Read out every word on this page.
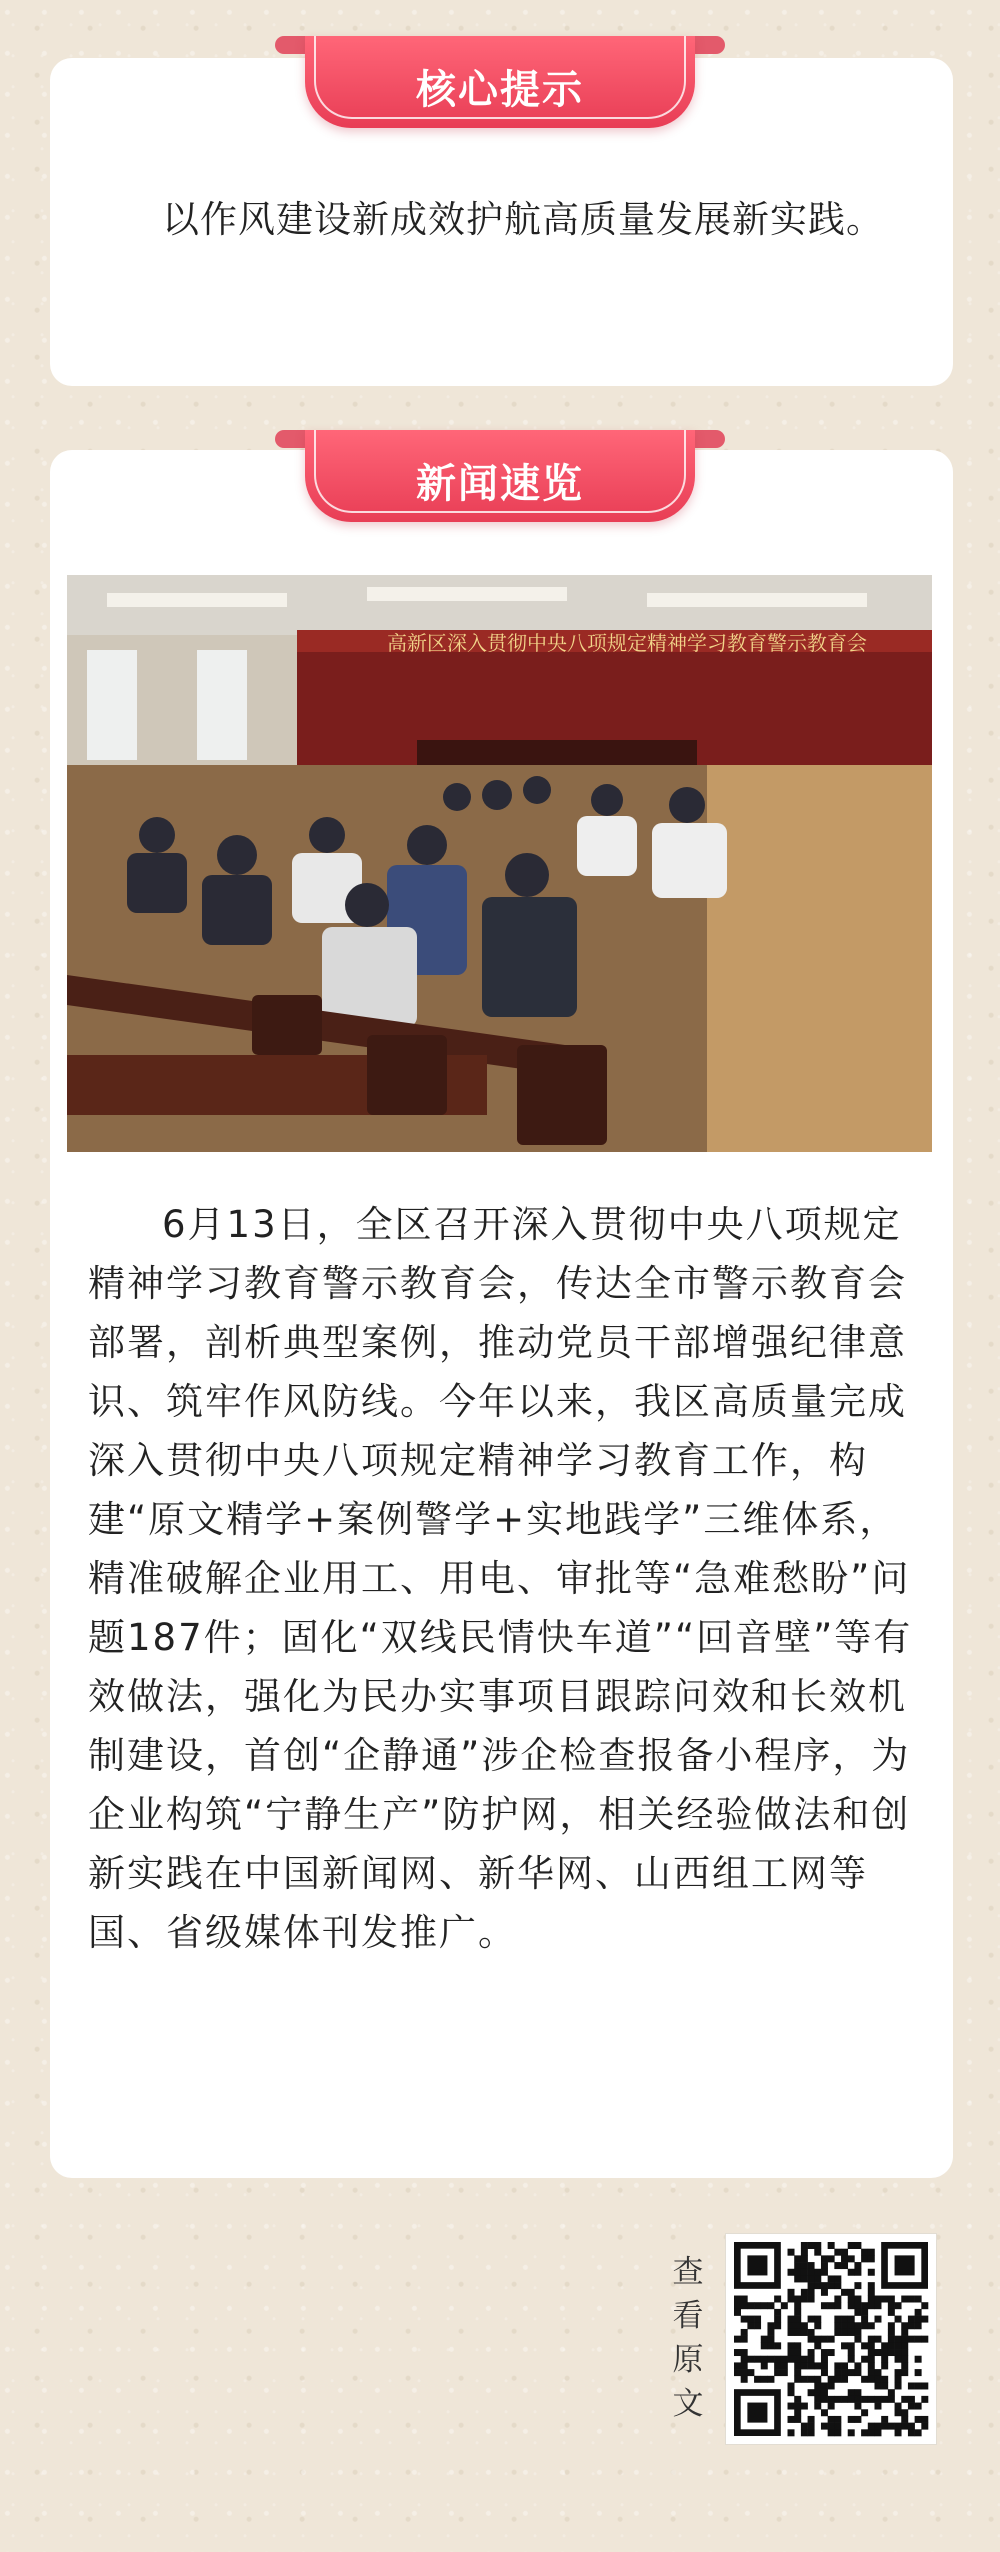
核心提示
以作风建设新成效护航高质量发展新实践。
新闻速览
高新区深入贯彻中央八项规定精神学习教育警示教育会
6月13日，全区召开深入贯彻中央八项规定精神学习教育警示教育会，传达全市警示教育会部署，剖析典型案例，推动党员干部增强纪律意识、筑牢作风防线。今年以来，我区高质量完成深入贯彻中央八项规定精神学习教育工作，构建“原文精学+案例警学+实地践学”三维体系，精准破解企业用工、用电、审批等“急难愁盼”问题187件；固化“双线民情快车道”“回音壁”等有效做法，强化为民办实事项目跟踪问效和长效机制建设，首创“企静通”涉企检查报备小程序，为企业构筑“宁静生产”防护网，相关经验做法和创新实践在中国新闻网、新华网、山西组工网等国、省级媒体刊发推广。
查
看
原
文
